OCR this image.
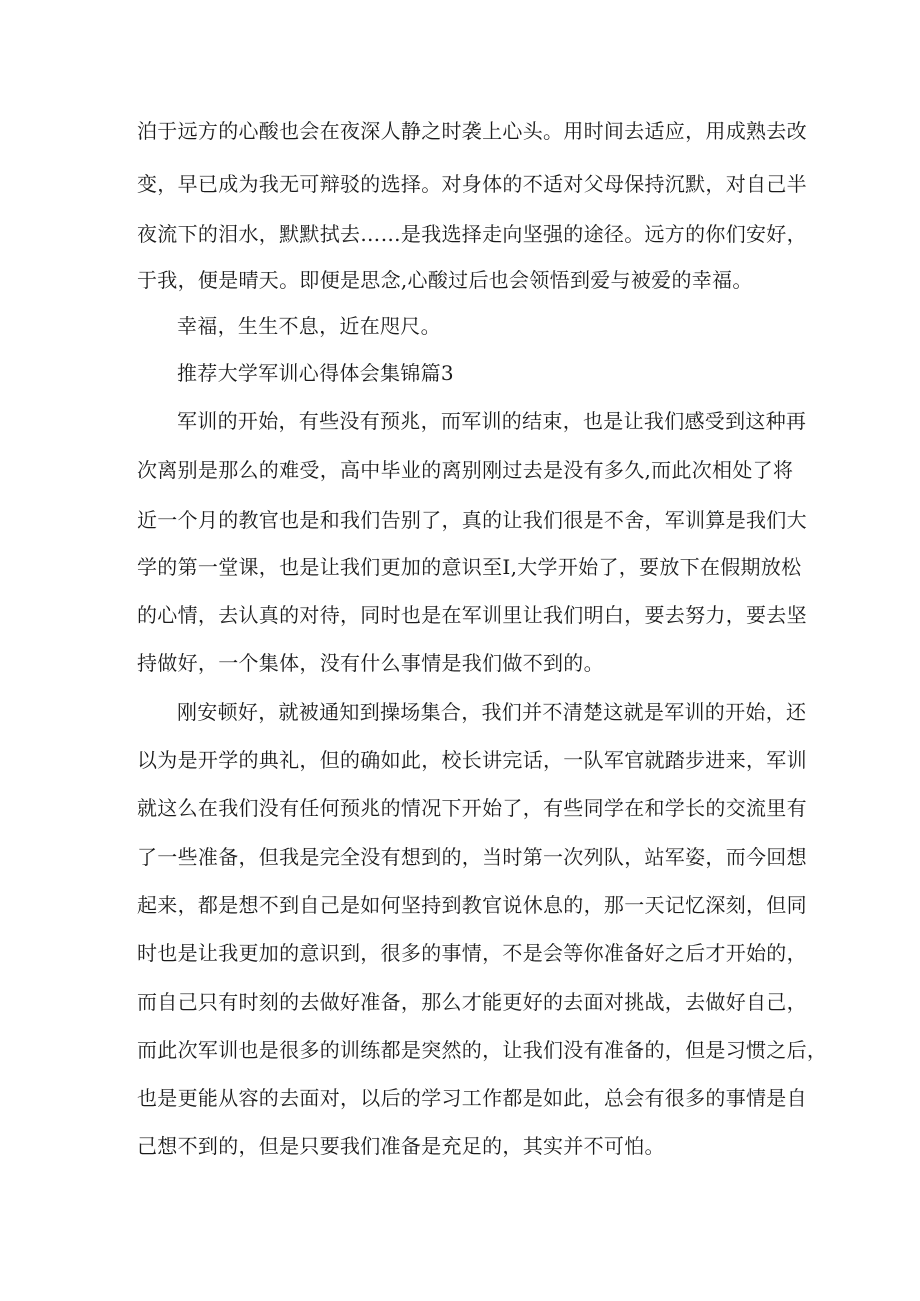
泊于远方的心酸也会在夜深人静之时袭上心头。用时间去适应，用成熟去改

变，早已成为我无可辩驳的选择。对身体的不适对父母保持沉默，对自己半

夜流下的泪水，默默拭去……是我选择走向坚强的途径。远方的你们安好，

于我，便是晴天。即便是思念,心酸过后也会领悟到爱与被爱的幸福。

幸福，生生不息，近在咫尺。

推荐大学军训心得体会集锦篇3

军训的开始，有些没有预兆，而军训的结束，也是让我们感受到这种再

次离别是那么的难受，高中毕业的离别刚过去是没有多久,而此次相处了将

近一个月的教官也是和我们告别了，真的让我们很是不舍，军训算是我们大

学的第一堂课，也是让我们更加的意识至I,大学开始了，要放下在假期放松

的心情，去认真的对待，同时也是在军训里让我们明白，要去努力，要去坚

持做好，一个集体，没有什么事情是我们做不到的。

刚安顿好，就被通知到操场集合，我们并不清楚这就是军训的开始，还

以为是开学的典礼，但的确如此，校长讲完话，一队军官就踏步进来，军训

就这么在我们没有任何预兆的情况下开始了，有些同学在和学长的交流里有

了一些准备，但我是完全没有想到的，当时第一次列队，站军姿，而今回想

起来，都是想不到自己是如何坚持到教官说休息的，那一天记忆深刻，但同

时也是让我更加的意识到，很多的事情，不是会等你准备好之后才开始的，

而自己只有时刻的去做好准备，那么才能更好的去面对挑战，去做好自己，

而此次军训也是很多的训练都是突然的，让我们没有准备的，但是习惯之后，

也是更能从容的去面对，以后的学习工作都是如此，总会有很多的事情是自

己想不到的，但是只要我们准备是充足的，其实并不可怕。
